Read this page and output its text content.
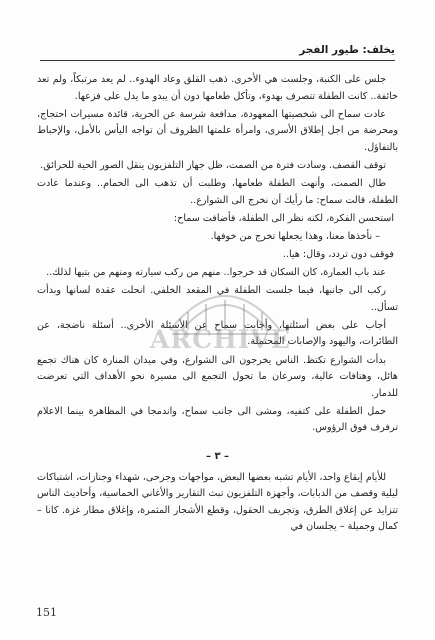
يخلف: طيور الفجر

جلس على الكنبة، وجلست هي الأخرى. ذهب القلق وعاد الهدوء.. لم يعد مرتبكاً، ولم تعد خائفة.. كانت الطفلة تتصرف بهدوء، وتأكل طعامها دون أن يبدو ما يدل على فزعها.

عادت سماح الى شخصيتها المعهودة، مدافعة شرسة عن الحرية، قائدة مسيرات احتجاج، ومحرضة من اجل إطلاق الأسرى، وامرأة علمتها الظروف أن تواجه اليأس بالأمل، والإحباط بالتفاؤل.

توقف القصف. وسادت فترة من الصمت، ظل جهاز التلفزيون ينقل الصور الحية للحرائق.

طال الصمت، وأنهت الطفلة طعامها، وطلبت أن تذهب الى الحمام.. وعندما عادت الطفلة، قالت سماح: ما رأيك أن نخرج الى الشوارع..

استحسن الفكرة، لكنه نظر الى الطفلة، فأضافت سماح:

– نأخذها معنا، وهذا يجعلها تخرج من خوفها.

فوقف دون تردد، وقال: هيا..

عند باب العمارة، كان السكان قد خرجوا.. منهم من ركب سيارته ومنهم من بتيها لذلك..

ركب الى جانبها، فيما جلست الطفلة في المقعد الخلفي. انحلت عقدة لسانها وبدأت تسأل..

أجاب على بعض أسئلتها، وأجابت سماح عن الأسئلة الأخرى.. أسئلة ناضجة، عن الطائرات، واليهود والإصابات المحتملة.

بدأت الشوارع تكتظ. الناس يخرجون الى الشوارع، وفي ميدان المنارة كان هناك تجمع هائل، وهتافات عالية، وسرعان ما تحول التجمع الى مسيرة نحو الأهداف التي تعرضت للدمار.

حمل الطفلة على كتفيه، ومشى الى جانب سماح، واندمجا في المظاهرة بينما الاعلام ترفرف فوق الرؤوس.

– ٣ –

للأيام إيقاع واحد، الأيام تشبه بعضها البعض، مواجهات وجرحى، شهداء وجنازات، اشتباكات ليلية وقصف من الدبابات، وأجهزة التلفزيون تبث التقارير والأغاني الحماسية، وأحاديث الناس تتزايد عن إغلاق الطرق، وتجريف الحقول، وقطع الأشجار المثمرة، وإغلاق مطار غزة. كانا – كمال وجميلة – يجلسان في

ARCHIVE
151
